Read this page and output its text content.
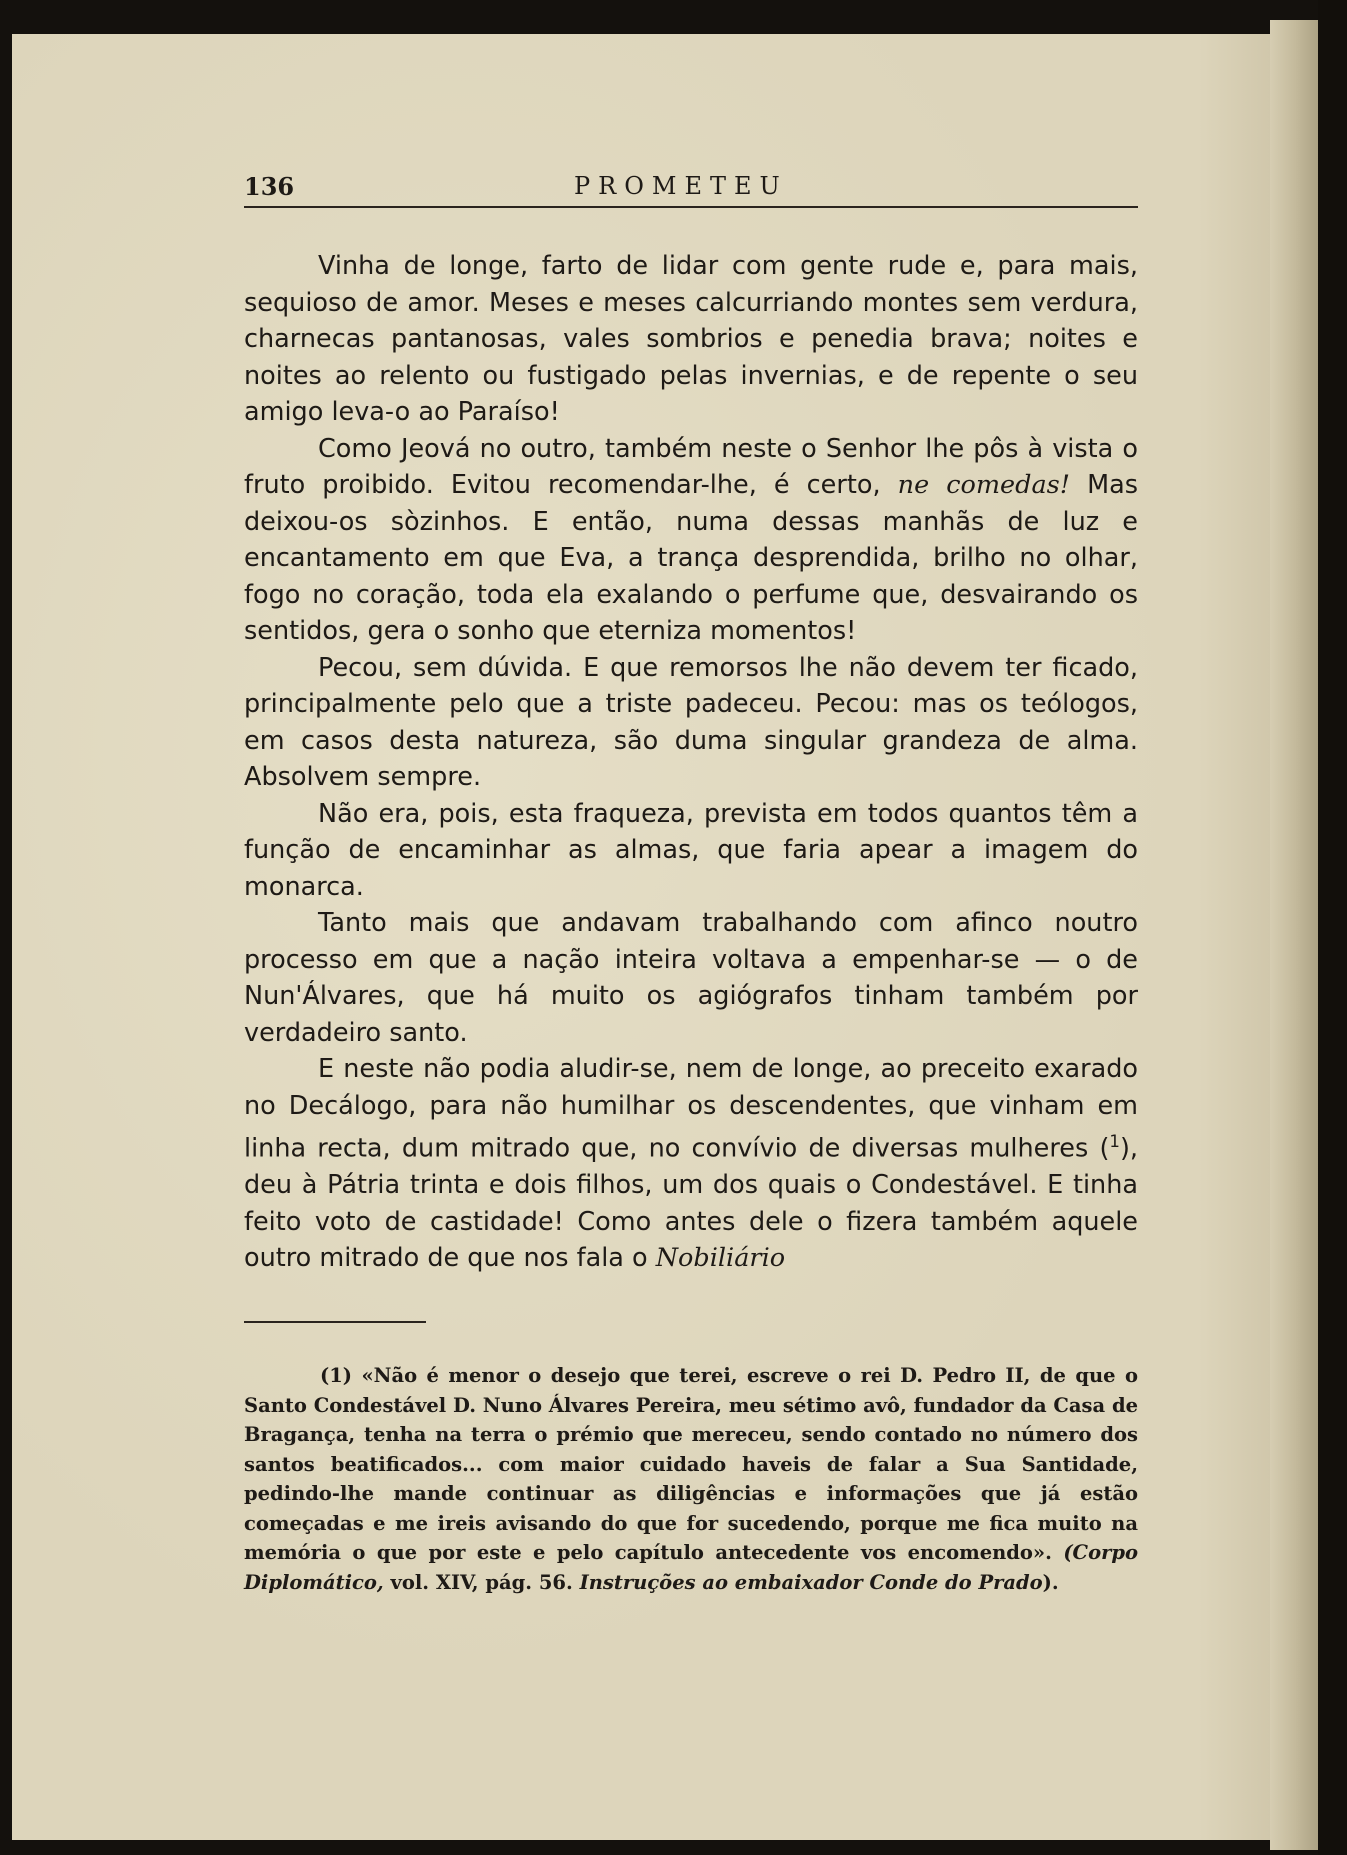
136	PROMETEU

Vinha de longe, farto de lidar com gente rude e, para mais, sequioso de amor. Meses e meses calcurriando montes sem verdura, charnecas pantanosas, vales sombrios e penedia brava; noites e noites ao relento ou fustigado pelas invernias, e de repente o seu amigo leva-o ao Paraíso!

Como Jeová no outro, também neste o Senhor lhe pôs à vista o fruto proibido. Evitou recomendar-lhe, é certo, ne comedas! Mas deixou-os sòzinhos. E então, numa dessas manhãs de luz e encantamento em que Eva, a trança desprendida, brilho no olhar, fogo no coração, toda ela exalando o perfume que, desvairando os sentidos, gera o sonho que eterniza momentos!

Pecou, sem dúvida. E que remorsos lhe não devem ter ficado, principalmente pelo que a triste padeceu. Pecou: mas os teólogos, em casos desta natureza, são duma singular grandeza de alma. Absolvem sempre.

Não era, pois, esta fraqueza, prevista em todos quantos têm a função de encaminhar as almas, que faria apear a imagem do monarca.

Tanto mais que andavam trabalhando com afinco noutro processo em que a nação inteira voltava a empenhar-se — o de Nun'Álvares, que há muito os agiógrafos tinham também por verdadeiro santo.

E neste não podia aludir-se, nem de longe, ao preceito exarado no Decálogo, para não humilhar os descendentes, que vinham em linha recta, dum mitrado que, no convívio de diversas mulheres ($^1$), deu à Pátria trinta e dois filhos, um dos quais o Condestável. E tinha feito voto de castidade! Como antes dele o fizera também aquele outro mitrado de que nos fala o Nobiliário

(1) «Não é menor o desejo que terei, escreve o rei D. Pedro II, de que o Santo Condestável D. Nuno Álvares Pereira, meu sétimo avô, fundador da Casa de Bragança, tenha na terra o prémio que mereceu, sendo contado no número dos santos beatificados... com maior cuidado haveis de falar a Sua Santidade, pedindo-lhe mande continuar as diligências e informações que já estão começadas e me ireis avisando do que for sucedendo, porque me fica muito na memória o que por este e pelo capítulo antecedente vos encomendo». (Corpo Diplomático, vol. XIV, pág. 56. Instruções ao embaixador Conde do Prado).
